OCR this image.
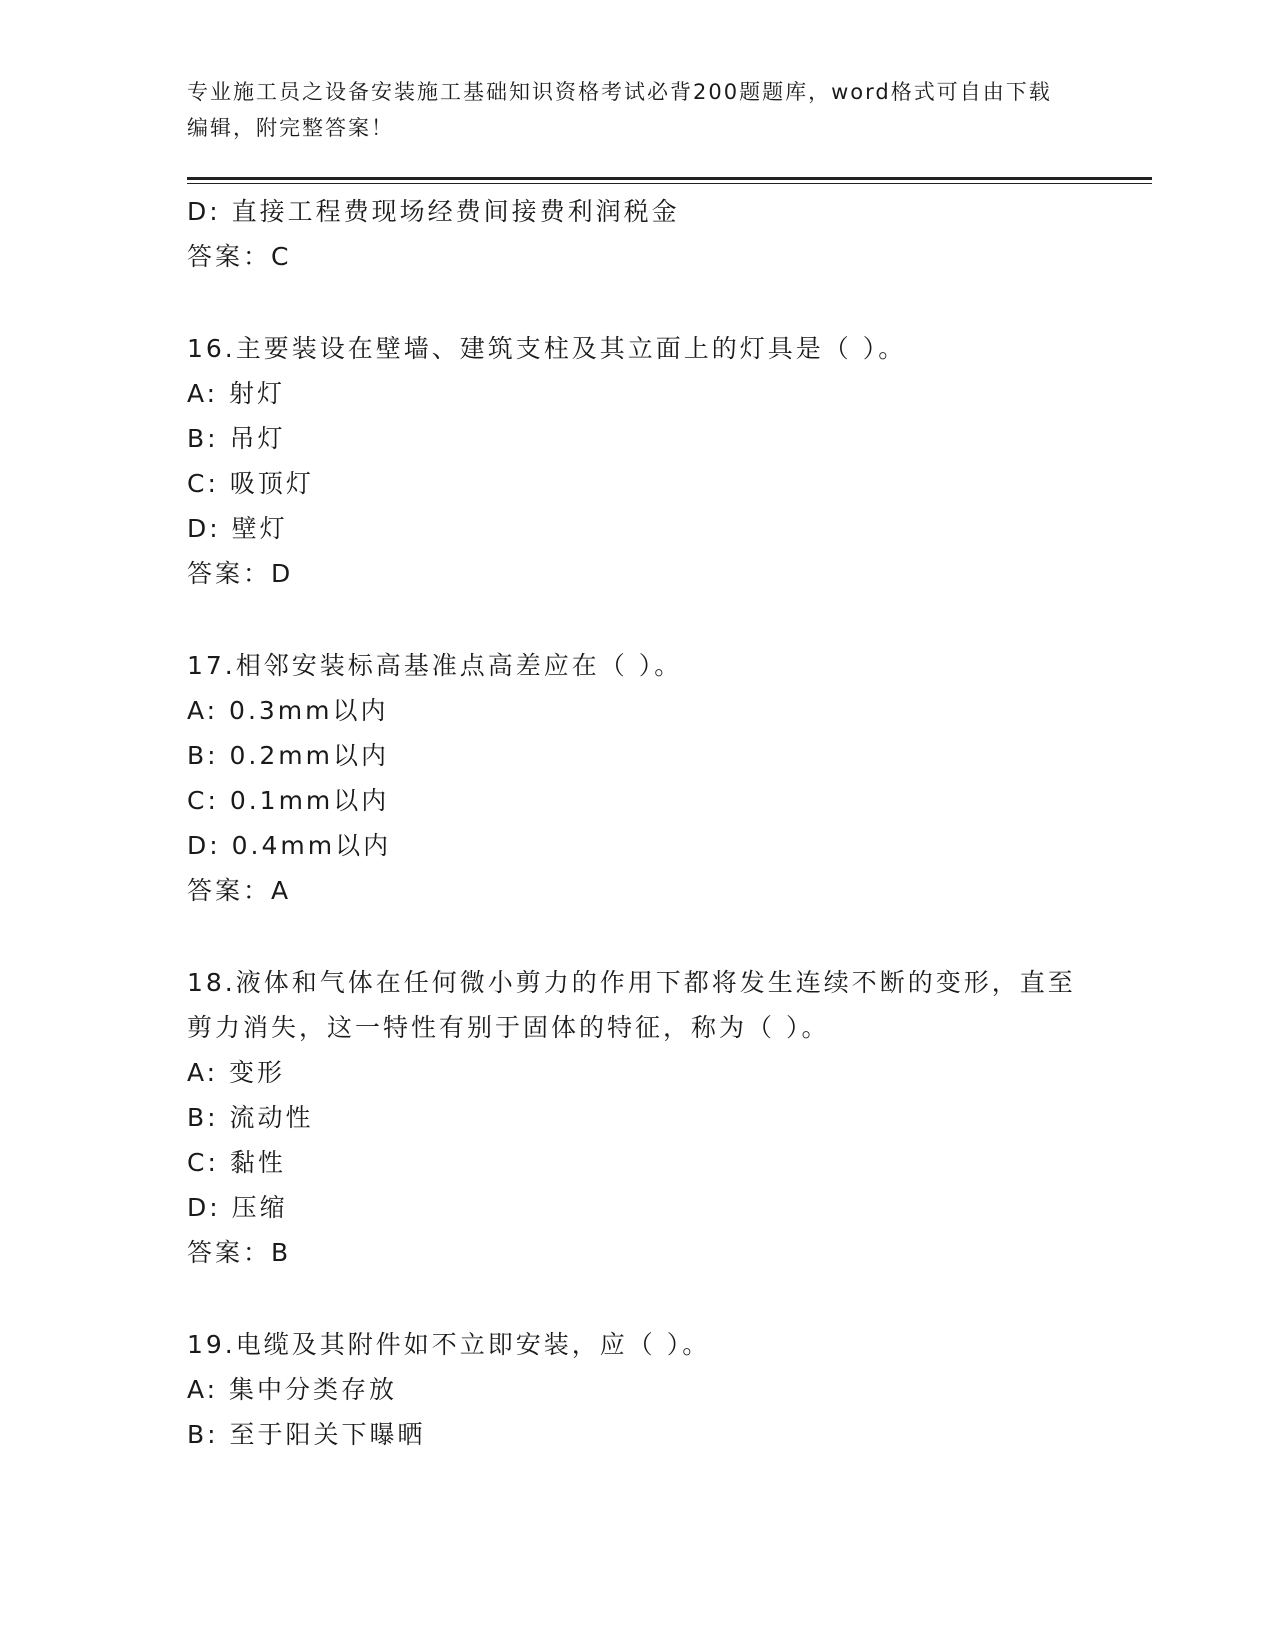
专业施工员之设备安装施工基础知识资格考试必背200题题库，word格式可自由下载编辑，附完整答案！
D: 直接工程费现场经费间接费利润税金
答案：C
16.主要装设在壁墙、建筑支柱及其立面上的灯具是（ ）。
A: 射灯
B: 吊灯
C: 吸顶灯
D: 壁灯
答案：D
17.相邻安装标高基准点高差应在（ ）。
A: 0.3mm以内
B: 0.2mm以内
C: 0.1mm以内
D: 0.4mm以内
答案：A
18.液体和气体在任何微小剪力的作用下都将发生连续不断的变形，直至剪力消失，这一特性有别于固体的特征，称为（ ）。
A: 变形
B: 流动性
C: 黏性
D: 压缩
答案：B
19.电缆及其附件如不立即安装，应（ ）。
A: 集中分类存放
B: 至于阳关下曝晒
